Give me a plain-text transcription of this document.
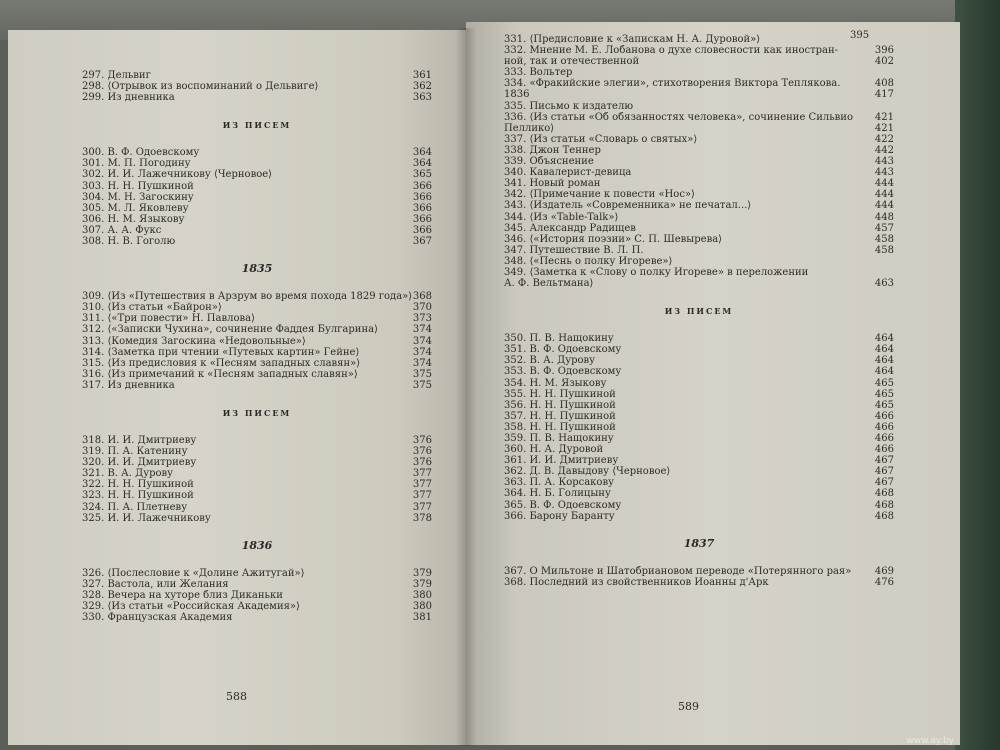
297. Дельвиг	361
298. ⟨Отрывок из воспоминаний о Дельвиге⟩	362
299. Из дневника	363
ИЗ ПИСЕМ
300. В. Ф. Одоевскому	364
301. М. П. Погодину	364
302. И. И. Лажечникову ⟨Черновое⟩	365
303. Н. Н. Пушкиной	366
304. М. Н. Загоскину	366
305. М. Л. Яковлеву	366
306. Н. М. Языкову	366
307. А. А. Фукс	366
308. Н. В. Гоголю	367
1835
309. ⟨Из «Путешествия в Арзрум во время похода 1829 года»⟩ 368
310. ⟨Из статьи «Байрон»⟩	370
311. ⟨«Три повести» Н. Павлова⟩	373
312. ⟨«Записки Чухина», сочинение Фаддея Булгарина⟩	374
313. ⟨Комедия Загоскина «Недовольные»⟩	374
314. ⟨Заметка при чтении «Путевых картин» Гейне⟩	374
315. ⟨Из предисловия к «Песням западных славян»⟩	374
316. ⟨Из примечаний к «Песням западных славян»⟩	375
317. Из дневника	375
ИЗ ПИСЕМ
318. И. И. Дмитриеву	376
319. П. А. Катенину	376
320. И. И. Дмитриеву	376
321. В. А. Дурову	377
322. Н. Н. Пушкиной	377
323. Н. Н. Пушкиной	377
324. П. А. Плетневу	377
325. И. И. Лажечникову	378
1836
326. ⟨Послесловие к «Долине Ажитугай»⟩	379
327. Вастола, или Желания	379
328. Вечера на хуторе близ Диканьки	380
329. ⟨Из статьи «Российская Академия»⟩	380
330. Французская Академия	381
588
395
331. ⟨Предисловие к «Запискам Н. А. Дуровой»⟩
332. Мнение М. Е. Лобанова о духе словесности как иностран-	396
ной, так и отечественной	402
333. Вольтер
334. «Фракийские элегии», стихотворения Виктора Теплякова.	408
1836	417
335. Письмо к издателю
336. ⟨Из статьи «Об обязанностях человека», сочинение Сильвио	421
Пеллико⟩	421
337. ⟨Из статьи «Словарь о святых»⟩	422
338. Джон Теннер	442
339. Объяснение	443
340. Кавалерист-девица	443
341. Новый роман	444
342. ⟨Примечание к повести «Нос»⟩	444
343. ⟨Издатель «Современника» не печатал...⟩	444
344. ⟨Из «Table-Talk»⟩	448
345. Александр Радищев	457
346. ⟨«История поэзии» С. П. Шевырева⟩	458
347. Путешествие В. Л. П.	458
348. ⟨«Песнь о полку Игореве»⟩
349. ⟨Заметка к «Слову о полку Игореве» в переложении
А. Ф. Вельтмана⟩	463
ИЗ ПИСЕМ
350. П. В. Нащокину	464
351. В. Ф. Одоевскому	464
352. В. А. Дурову	464
353. В. Ф. Одоевскому	464
354. Н. М. Языкову	465
355. Н. Н. Пушкиной	465
356. Н. Н. Пушкиной	465
357. Н. Н. Пушкиной	466
358. Н. Н. Пушкиной	466
359. П. В. Нащокину	466
360. Н. А. Дуровой	466
361. И. И. Дмитриеву	467
362. Д. В. Давыдову ⟨Черновое⟩	467
363. П. А. Корсакову	467
364. Н. Б. Голицыну	468
365. В. Ф. Одоевскому	468
366. Барону Баранту	468
1837
367. О Мильтоне и Шатобриановом переводе «Потерянного рая»	469
368. Последний из свойственников Иоанны д'Арк	476
589
www.ay.by
